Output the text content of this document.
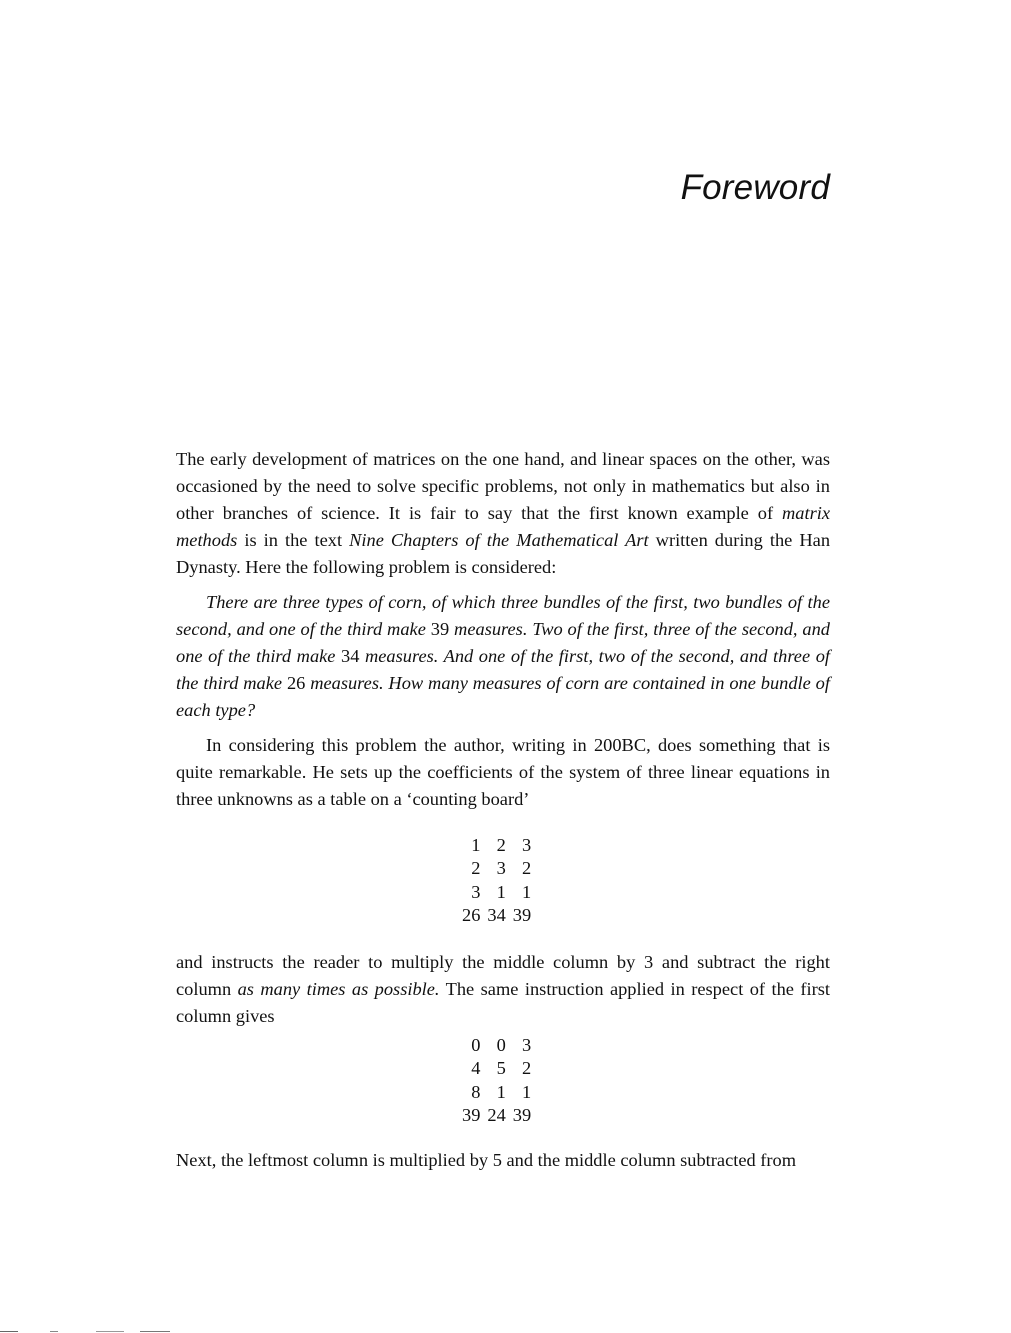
Foreword

The early development of matrices on the one hand, and linear spaces on the other, was occasioned by the need to solve specific problems, not only in mathematics but also in other branches of science. It is fair to say that the first known example of matrix methods is in the text Nine Chapters of the Mathematical Art written during the Han Dynasty. Here the following problem is considered:

There are three types of corn, of which three bundles of the first, two bundles of the second, and one of the third make 39 measures. Two of the first, three of the second, and one of the third make 34 measures. And one of the first, two of the second, and three of the third make 26 measures. How many measures of corn are contained in one bundle of each type?

In considering this problem the author, writing in 200BC, does something that is quite remarkable. He sets up the coefficients of the system of three linear equations in three unknowns as a table on a ‘counting board’

1	2	3
2	3	2
3	1	1
26	34	39

and instructs the reader to multiply the middle column by 3 and subtract the right column as many times as possible. The same instruction applied in respect of the first column gives

0	0	3
4	5	2
8	1	1
39	24	39

Next, the leftmost column is multiplied by 5 and the middle column subtracted from
